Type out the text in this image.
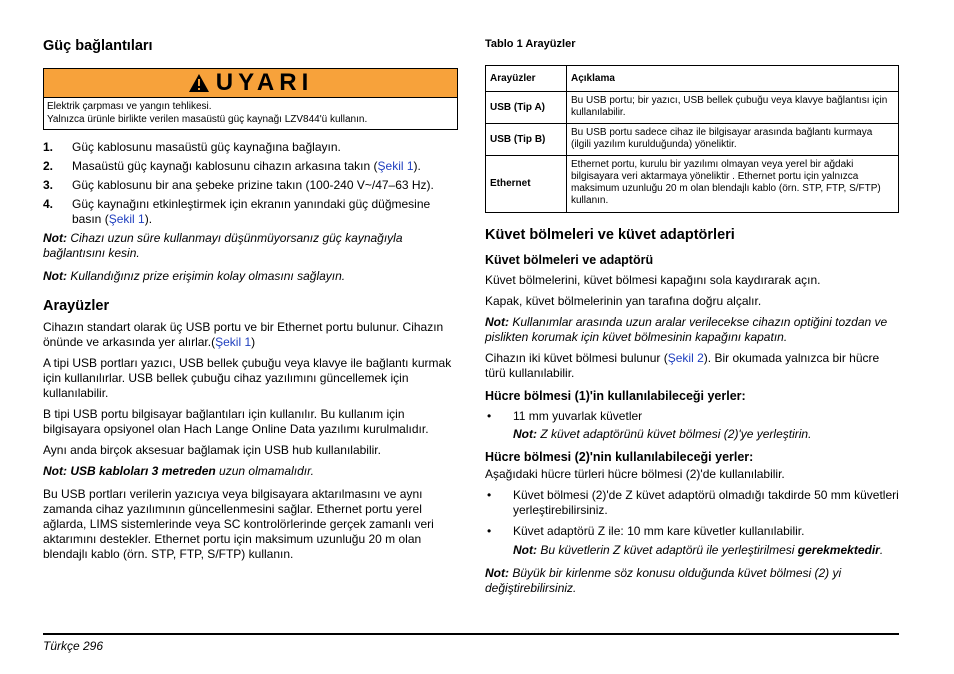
Güç bağlantıları
UYARI
Elektrik çarpması ve yangın tehlikesi.
Yalnızca ürünle birlikte verilen masaüstü güç kaynağı LZV844'ü kullanın.
1.	Güç kablosunu masaüstü güç kaynağına bağlayın.
2.	Masaüstü güç kaynağı kablosunu cihazın arkasına takın (Şekil 1).
3.	Güç kablosunu bir ana şebeke prizine takın (100-240 V~/47–63 Hz).
4.	Güç kaynağını etkinleştirmek için ekranın yanındaki güç düğmesine basın (Şekil 1).

Not: Cihazı uzun süre kullanmayı düşünmüyorsanız güç kaynağıyla bağlantısını kesin.

Not: Kullandığınız prize erişimin kolay olmasını sağlayın.

Arayüzler

Cihazın standart olarak üç USB portu ve bir Ethernet portu bulunur. Cihazın önünde ve arkasında yer alırlar.(Şekil 1)

A tipi USB portları yazıcı, USB bellek çubuğu veya klavye ile bağlantı kurmak için kullanılırlar. USB bellek çubuğu cihaz yazılımını güncellemek için kullanılabilir.

B tipi USB portu bilgisayar bağlantıları için kullanılır. Bu kullanım için bilgisayara opsiyonel olan Hach Lange Online Data yazılımı kurulmalıdır.

Aynı anda birçok aksesuar bağlamak için USB hub kullanılabilir.

Not: USB kabloları 3 metreden uzun olmamalıdır.

Bu USB portları verilerin yazıcıya veya bilgisayara aktarılmasını ve aynı zamanda cihaz yazılımının güncellenmesini sağlar. Ethernet portu yerel ağlarda, LIMS sistemlerinde veya SC kontrolörlerinde gerçek zamanlı veri aktarımını destekler. Ethernet portu için maksimum uzunluğu 20 m olan blendajlı kablo (örn. STP, FTP, S/FTP) kullanın.

Tablo 1 Arayüzler
Arayüzler	Açıklama
USB (Tip A)	Bu USB portu; bir yazıcı, USB bellek çubuğu veya klavye bağlantısı için kullanılabilir.
USB (Tip B)	Bu USB portu sadece cihaz ile bilgisayar arasında bağlantı kurmaya (ilgili yazılım kurulduğunda) yöneliktir.
Ethernet	Ethernet portu, kurulu bir yazılımı olmayan veya yerel bir ağdaki bilgisayara veri aktarmaya yöneliktir . Ethernet portu için yalnızca maksimum uzunluğu 20 m olan blendajlı kablo (örn. STP, FTP, S/FTP) kullanın.
Küvet bölmeleri ve küvet adaptörleri
Küvet bölmeleri ve adaptörü

Küvet bölmelerini, küvet bölmesi kapağını sola kaydırarak açın.

Kapak, küvet bölmelerinin yan tarafına doğru alçalır.

Not: Kullanımlar arasında uzun aralar verilecekse cihazın optiğini tozdan ve pislikten korumak için küvet bölmesinin kapağını kapatın.

Cihazın iki küvet bölmesi bulunur (Şekil 2). Bir okumada yalnızca bir hücre türü kullanılabilir.

Hücre bölmesi (1)'in kullanılabileceği yerler:
•	11 mm yuvarlak küvetler

Not: Z küvet adaptörünü küvet bölmesi (2)'ye yerleştirin.

Hücre bölmesi (2)'nin kullanılabileceği yerler:

Aşağıdaki hücre türleri hücre bölmesi (2)'de kullanılabilir.

•	Küvet bölmesi (2)'de Z küvet adaptörü olmadığı takdirde 50 mm küvetleri yerleştirebilirsiniz.
•	Küvet adaptörü Z ile: 10 mm kare küvetler kullanılabilir.

Not: Bu küvetlerin Z küvet adaptörü ile yerleştirilmesi gerekmektedir.

Not: Büyük bir kirlenme söz konusu olduğunda küvet bölmesi (2) yi değiştirebilirsiniz.

Türkçe 296
